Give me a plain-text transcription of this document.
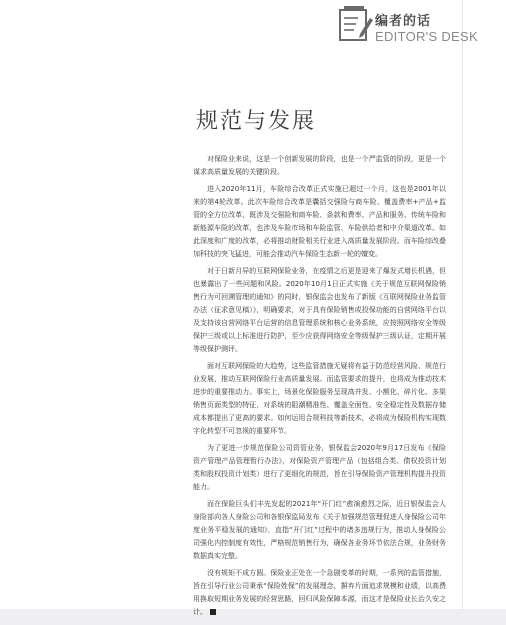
编者的话
EDITOR'S DESK
规范与发展

对保险业来说，这是一个创新发展的阶段，也是一个严监管的阶段，更是一个谋求高质量发展的关键阶段。

进入2020年11月，车险综合改革正式实施已超过一个月，这也是2001年以来的第4轮改革。此次车险综合改革是囊括交强险与商车险、覆盖费率+产品+监管的全方位改革，既涉及交强险和商车险、条款和费率、产品和服务、传统车险和新能源车险的改革，也涉及车险市场和车险监管、车险供给者和中介渠道改革。如此深度和广度的改革，必将推动财险相关行业进入高质量发展阶段。而车险综改叠加科技的突飞猛进，可能会推动汽车保险生态新一轮的嬗变。

对于日新月异的互联网保险业务，在疫情之后更是迎来了爆发式增长机遇，但也暴露出了一些问题和风险。2020年10月1日正式实施《关于规范互联网保险销售行为可回溯管理的通知》的同时，银保监会也发布了新版《互联网保险业务监管办法（征求意见稿）》，明确要求，对于具有保险销售或投保功能的自营网络平台以及支持该自营网络平台运营的信息管理系统和核心业务系统，应按照网络安全等级保护三级或以上标准进行防护，至少应获得网络安全等级保护三级认证，定期开展等级保护测评。

面对互联网保险的大趋势，这些监管措施无疑将有益于防范经营风险、规范行业发展，推动互联网保险行业高质量发展。而监管要求的提升，也将成为推动技术进步的重要推动力。事实上，场景化保险服务呈现高并发、小额化、碎片化、多渠销售页面类型的特征，对系统的阻潮精准性、覆盖全面性、安全稳定性及数据存储成本都提出了更高的要求。如何运用合规科技等新技术，必将成为保险机构实现数字化转型不可忽视的重要环节。

为了更进一步规范保险公司资管业务，银保监会2020年9月17日发布《保险资产管理产品管理暂行办法》，对保险资产管理产品（包括组合类、债权投资计划类和股权投资计划类）进行了更细化的规范，旨在引导保险资产管理机构提升投资能力。

而在保险巨头们丰先发起的2021年“开门红”愈演愈烈之际，近日银保监会人身险部向各人身险公司和各银保监局发布《关于加强规范管理促进人身保险公司年度业务平稳发展的通知》，直指“开门红”过程中的诸多违规行为，推动人身保险公司强化内控制度有效性，严格规范销售行为，确保各业务环节依法合规，业务财务数据真实完整。

没有规矩不成方圆。保险业正处在一个急剧变革的时期，一系列的监管措施，旨在引导行业公司秉承“保险姓保”的发展理念，摒弃片面追求规模和业绩，以高费用换取短期业务发展的经营思路，回归风险保障本源，而这才是保险业长治久安之计。
